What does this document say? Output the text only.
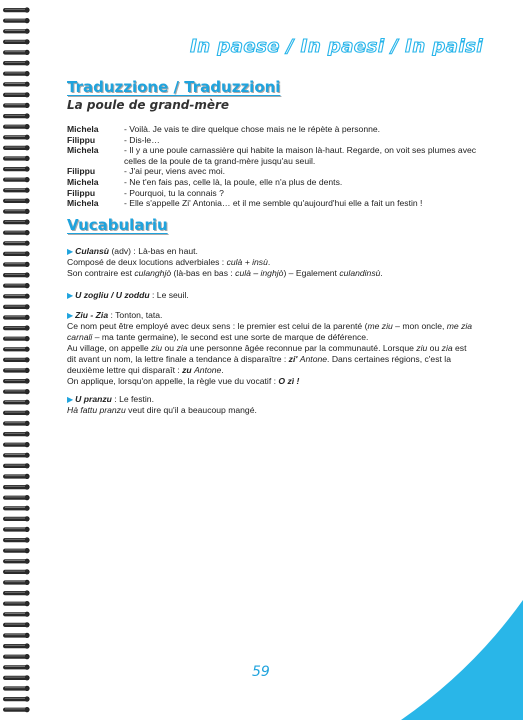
In paese / In paesi / In paisi
Traduzzione / Traduzzioni
La poule de grand-mère
Michela	- Voilà. Je vais te dire quelque chose mais ne le répète à personne.
Filippu	- Dis-le…
Michela	- Il y a une poule carnassière qui habite la maison là-haut. Regarde, on voit ses plumes avec celles de la poule de ta grand-mère jusqu'au seuil.
Filippu	- J'ai peur, viens avec moi.
Michela	- Ne t'en fais pas, celle là, la poule, elle n'a plus de dents.
Filippu	- Pourquoi, tu la connais ?
Michela	- Elle s'appelle Zi' Antonia… et il me semble qu'aujourd'hui elle a fait un festin !
Vucabulariu

▶ Culansù (adv) : Là-bas en haut.

Composé de deux locutions adverbiales : culà + insù.

Son contraire est culanghjò (là-bas en bas : culà – inghjò) – Egalement culandinsù.

▶ U zogliu / U zoddu : Le seuil.

▶ Ziu - Zia : Tonton, tata.

Ce nom peut être employé avec deux sens : le premier est celui de la parenté (me ziu – mon oncle, me zia carnali – ma tante germaine), le second est une sorte de marque de déférence.

Au village, on appelle ziu ou zia une personne âgée reconnue par la communauté. Lorsque ziu ou zia est dit avant un nom, la lettre finale a tendance à disparaître : zi' Antone. Dans certaines régions, c'est la deuxième lettre qui disparaît : zu Antone.

On applique, lorsqu'on appelle, la règle vue du vocatif : O zì !

▶ U pranzu : Le festin.

Hà fattu pranzu veut dire qu'il a beaucoup mangé.

59
